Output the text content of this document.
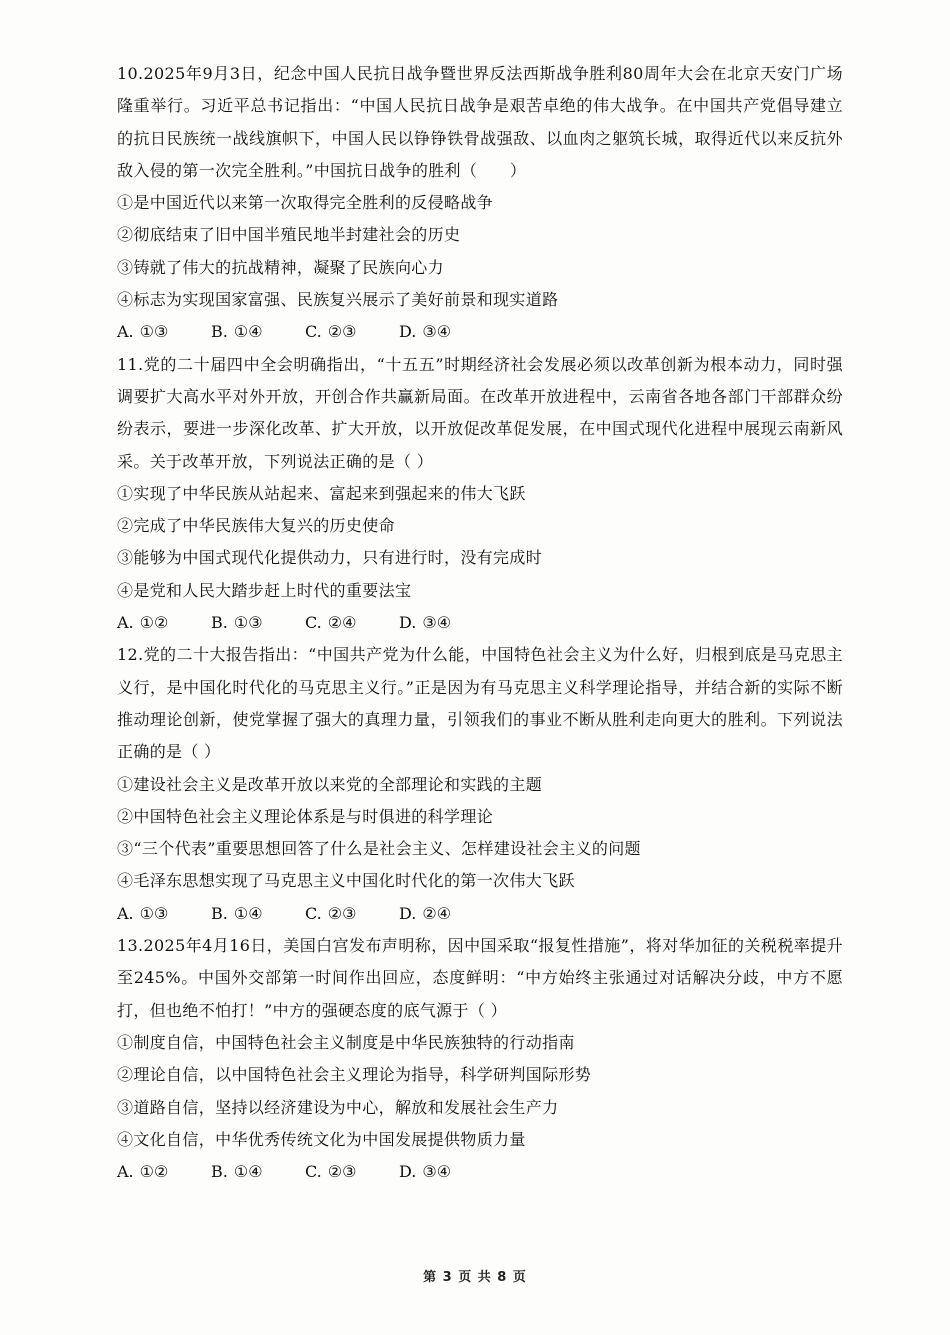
10.2025年9月3日，纪念中国人民抗日战争暨世界反法西斯战争胜利80周年大会在北京天安门广场隆重举行。习近平总书记指出：“中国人民抗日战争是艰苦卓绝的伟大战争。在中国共产党倡导建立的抗日民族统一战线旗帜下，中国人民以铮铮铁骨战强敌、以血肉之躯筑长城，取得近代以来反抗外敌入侵的第一次完全胜利。”中国抗日战争的胜利（　　）

①是中国近代以来第一次取得完全胜利的反侵略战争

②彻底结束了旧中国半殖民地半封建社会的历史

③铸就了伟大的抗战精神，凝聚了民族向心力

④标志为实现国家富强、民族复兴展示了美好前景和现实道路

A. ①③	B. ①④	C. ②③	D. ③④

11.党的二十届四中全会明确指出，“十五五”时期经济社会发展必须以改革创新为根本动力，同时强调要扩大高水平对外开放，开创合作共赢新局面。在改革开放进程中，云南省各地各部门干部群众纷纷表示，要进一步深化改革、扩大开放，以开放促改革促发展，在中国式现代化进程中展现云南新风采。关于改革开放，下列说法正确的是（ ）

①实现了中华民族从站起来、富起来到强起来的伟大飞跃

②完成了中华民族伟大复兴的历史使命

③能够为中国式现代化提供动力，只有进行时，没有完成时

④是党和人民大踏步赶上时代的重要法宝

A. ①②	B. ①③	C. ②④	D. ③④

12.党的二十大报告指出：“中国共产党为什么能，中国特色社会主义为什么好，归根到底是马克思主义行，是中国化时代化的马克思主义行。”正是因为有马克思主义科学理论指导，并结合新的实际不断推动理论创新，使党掌握了强大的真理力量，引领我们的事业不断从胜利走向更大的胜利。下列说法正确的是（ ）

①建设社会主义是改革开放以来党的全部理论和实践的主题

②中国特色社会主义理论体系是与时俱进的科学理论

③“三个代表”重要思想回答了什么是社会主义、怎样建设社会主义的问题

④毛泽东思想实现了马克思主义中国化时代化的第一次伟大飞跃

A. ①③	B. ①④	C. ②③	D. ②④

13.2025年4月16日，美国白宫发布声明称，因中国采取“报复性措施”，将对华加征的关税税率提升至245%。中国外交部第一时间作出回应，态度鲜明：“中方始终主张通过对话解决分歧，中方不愿打，但也绝不怕打！”中方的强硬态度的底气源于（ ）

①制度自信，中国特色社会主义制度是中华民族独特的行动指南

②理论自信，以中国特色社会主义理论为指导，科学研判国际形势

③道路自信，坚持以经济建设为中心，解放和发展社会生产力

④文化自信，中华优秀传统文化为中国发展提供物质力量

A. ①②	B. ①④	C. ②③	D. ③④
第 3 页 共 8 页
